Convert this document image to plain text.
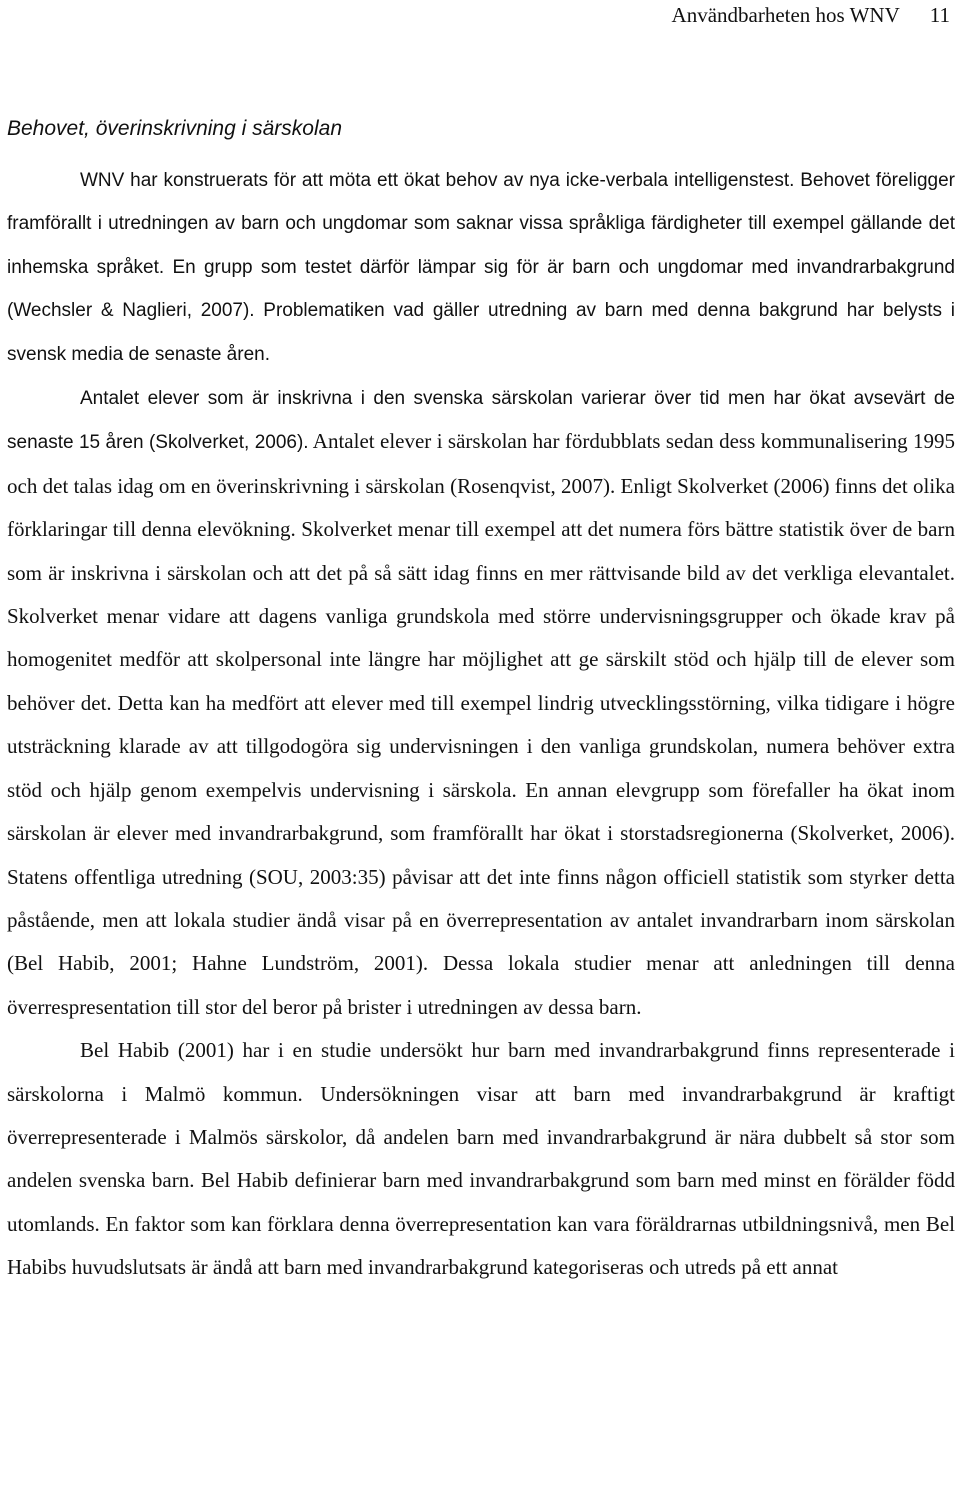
Användbarheten hos WNV 11
Behovet, överinskrivning i särskolan

WNV har konstruerats för att möta ett ökat behov av nya icke-verbala intelligenstest. Behovet föreligger framförallt i utredningen av barn och ungdomar som saknar vissa språkliga färdigheter till exempel gällande det inhemska språket. En grupp som testet därför lämpar sig för är barn och ungdomar med invandrarbakgrund (Wechsler & Naglieri, 2007). Problematiken vad gäller utredning av barn med denna bakgrund har belysts i svensk media de senaste åren.

Antalet elever som är inskrivna i den svenska särskolan varierar över tid men har ökat avsevärt de senaste 15 åren (Skolverket, 2006). Antalet elever i särskolan har fördubblats sedan dess kommunalisering 1995 och det talas idag om en överinskrivning i särskolan (Rosenqvist, 2007). Enligt Skolverket (2006) finns det olika förklaringar till denna elevökning. Skolverket menar till exempel att det numera förs bättre statistik över de barn som är inskrivna i särskolan och att det på så sätt idag finns en mer rättvisande bild av det verkliga elevantalet. Skolverket menar vidare att dagens vanliga grundskola med större undervisningsgrupper och ökade krav på homogenitet medför att skolpersonal inte längre har möjlighet att ge särskilt stöd och hjälp till de elever som behöver det. Detta kan ha medfört att elever med till exempel lindrig utvecklingsstörning, vilka tidigare i högre utsträckning klarade av att tillgodogöra sig undervisningen i den vanliga grundskolan, numera behöver extra stöd och hjälp genom exempelvis undervisning i särskola. En annan elevgrupp som förefaller ha ökat inom särskolan är elever med invandrarbakgrund, som framförallt har ökat i storstadsregionerna (Skolverket, 2006). Statens offentliga utredning (SOU, 2003:35) påvisar att det inte finns någon officiell statistik som styrker detta påstående, men att lokala studier ändå visar på en överrepresentation av antalet invandrarbarn inom särskolan (Bel Habib, 2001; Hahne Lundström, 2001). Dessa lokala studier menar att anledningen till denna överrespresentation till stor del beror på brister i utredningen av dessa barn.

Bel Habib (2001) har i en studie undersökt hur barn med invandrarbakgrund finns representerade i särskolorna i Malmö kommun. Undersökningen visar att barn med invandrarbakgrund är kraftigt överrepresenterade i Malmös särskolor, då andelen barn med invandrarbakgrund är nära dubbelt så stor som andelen svenska barn. Bel Habib definierar barn med invandrarbakgrund som barn med minst en förälder född utomlands. En faktor som kan förklara denna överrepresentation kan vara föräldrarnas utbildningsnivå, men Bel Habibs huvudslutsats är ändå att barn med invandrarbakgrund kategoriseras och utreds på ett annat
